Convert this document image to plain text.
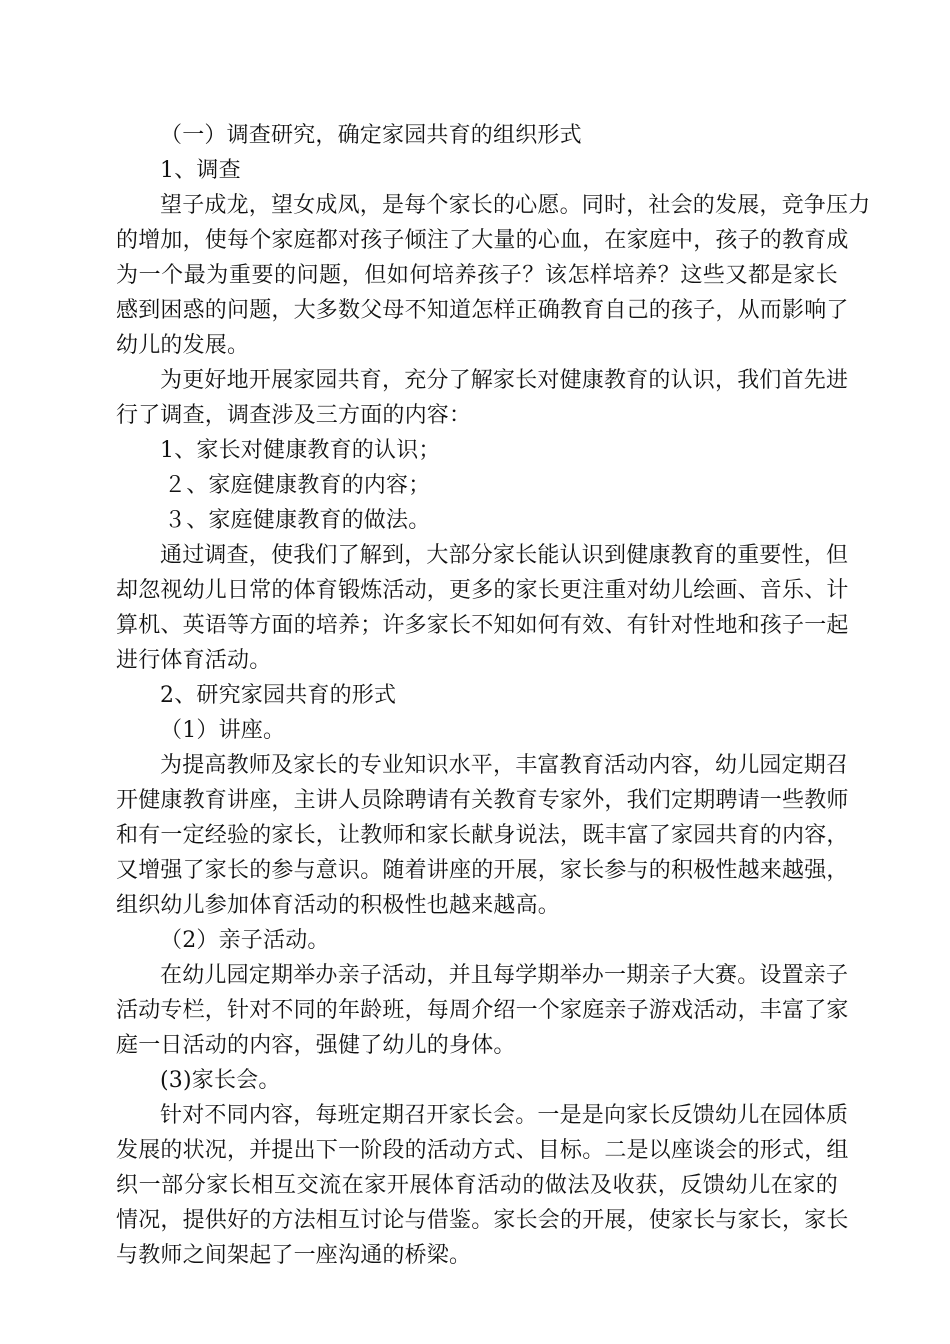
（一）调查研究，确定家园共育的组织形式
1、调查
望子成龙，望女成凤，是每个家长的心愿。同时，社会的发展，竞争压力
的增加，使每个家庭都对孩子倾注了大量的心血，在家庭中，孩子的教育成
为一个最为重要的问题，但如何培养孩子？该怎样培养？这些又都是家长
感到困惑的问题，大多数父母不知道怎样正确教育自己的孩子，从而影响了
幼儿的发展。
为更好地开展家园共育，充分了解家长对健康教育的认识，我们首先进
行了调查，调查涉及三方面的内容：
1、家长对健康教育的认识；
２、家庭健康教育的内容；
３、家庭健康教育的做法。
通过调查，使我们了解到，大部分家长能认识到健康教育的重要性，但
却忽视幼儿日常的体育锻炼活动，更多的家长更注重对幼儿绘画、音乐、计
算机、英语等方面的培养；许多家长不知如何有效、有针对性地和孩子一起
进行体育活动。
2、研究家园共育的形式
（1）讲座。
为提高教师及家长的专业知识水平，丰富教育活动内容，幼儿园定期召
开健康教育讲座，主讲人员除聘请有关教育专家外，我们定期聘请一些教师
和有一定经验的家长，让教师和家长献身说法，既丰富了家园共育的内容，
又增强了家长的参与意识。随着讲座的开展，家长参与的积极性越来越强，
组织幼儿参加体育活动的积极性也越来越高。
（2）亲子活动。
在幼儿园定期举办亲子活动，并且每学期举办一期亲子大赛。设置亲子
活动专栏，针对不同的年龄班，每周介绍一个家庭亲子游戏活动，丰富了家
庭一日活动的内容，强健了幼儿的身体。
(3)家长会。
针对不同内容，每班定期召开家长会。一是是向家长反馈幼儿在园体质
发展的状况，并提出下一阶段的活动方式、目标。二是以座谈会的形式，组
织一部分家长相互交流在家开展体育活动的做法及收获，反馈幼儿在家的
情况，提供好的方法相互讨论与借鉴。家长会的开展，使家长与家长，家长
与教师之间架起了一座沟通的桥梁。
